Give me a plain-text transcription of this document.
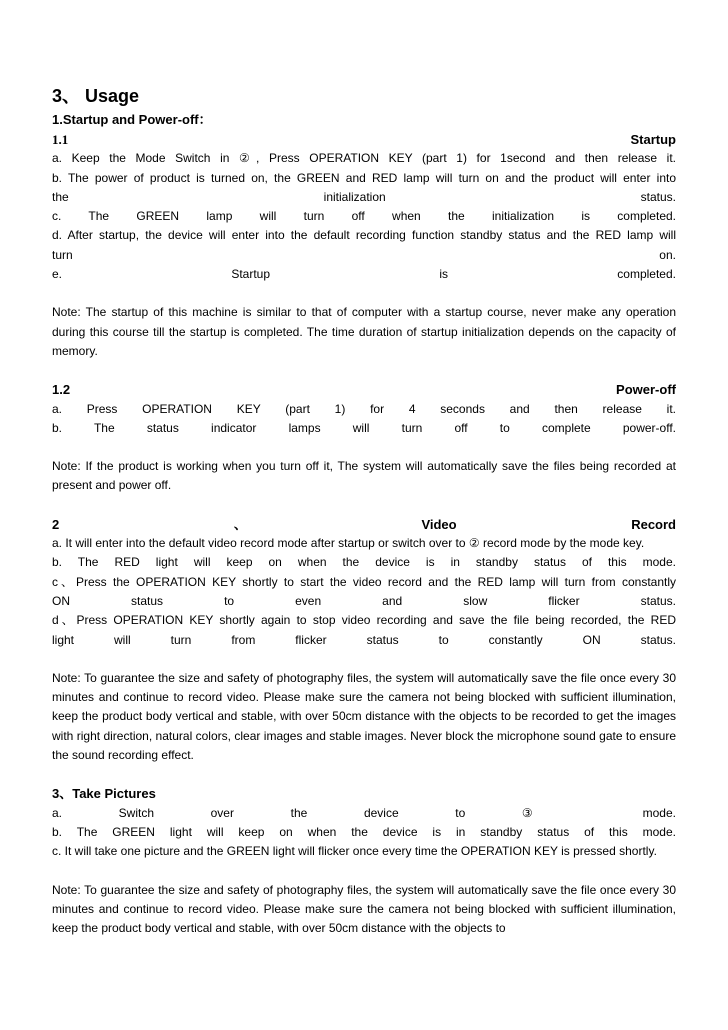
3、 Usage

1.Startup and Power-off：

1.1	Startup

a. Keep the Mode Switch in ②, Press OPERATION KEY (part 1) for 1second and then release it.

b. The power of product is turned on, the GREEN and RED lamp will turn on and the product will enter into

the initialization status.

c. The GREEN lamp will turn off when the initialization is completed.

d. After startup, the device will enter into the default recording function standby status and the RED lamp will

turn on.

e. Startup is completed.

Note: The startup of this machine is similar to that of computer with a startup course, never make any operation during this course till the startup is completed. The time duration of startup initialization depends on the capacity of memory.

1.2	Power-off

a. Press OPERATION KEY (part 1) for 4 seconds and then release it.

b. The status indicator lamps will turn off to complete power-off.

Note: If the product is working when you turn off it, The system will automatically save the files being recorded at present and power off.

2	、	Video	Record

a. It will enter into the default video record mode after startup or switch over to ② record mode by the mode key.

b. The RED light will keep on when the device is in standby status of this mode.

c、Press the OPERATION KEY shortly to start the video record and the RED lamp will turn from constantly

ON status to even and slow flicker status.

d、Press OPERATION KEY shortly again to stop video recording and save the file being recorded, the RED

light will turn from flicker status to constantly ON status.

Note: To guarantee the size and safety of photography files, the system will automatically save the file once every 30 minutes and continue to record video. Please make sure the camera not being blocked with sufficient illumination, keep the product body vertical and stable, with over 50cm distance with the objects to be recorded to get the images with right direction, natural colors, clear images and stable images. Never block the microphone sound gate to ensure the sound recording effect.

3、Take Pictures

a. Switch over the device to ③ mode.

b. The GREEN light will keep on when the device is in standby status of this mode.

c. It will take one picture and the GREEN light will flicker once every time the OPERATION KEY is pressed shortly.

Note: To guarantee the size and safety of photography files, the system will automatically save the file once every 30 minutes and continue to record video. Please make sure the camera not being blocked with sufficient illumination, keep the product body vertical and stable, with over 50cm distance with the objects to
